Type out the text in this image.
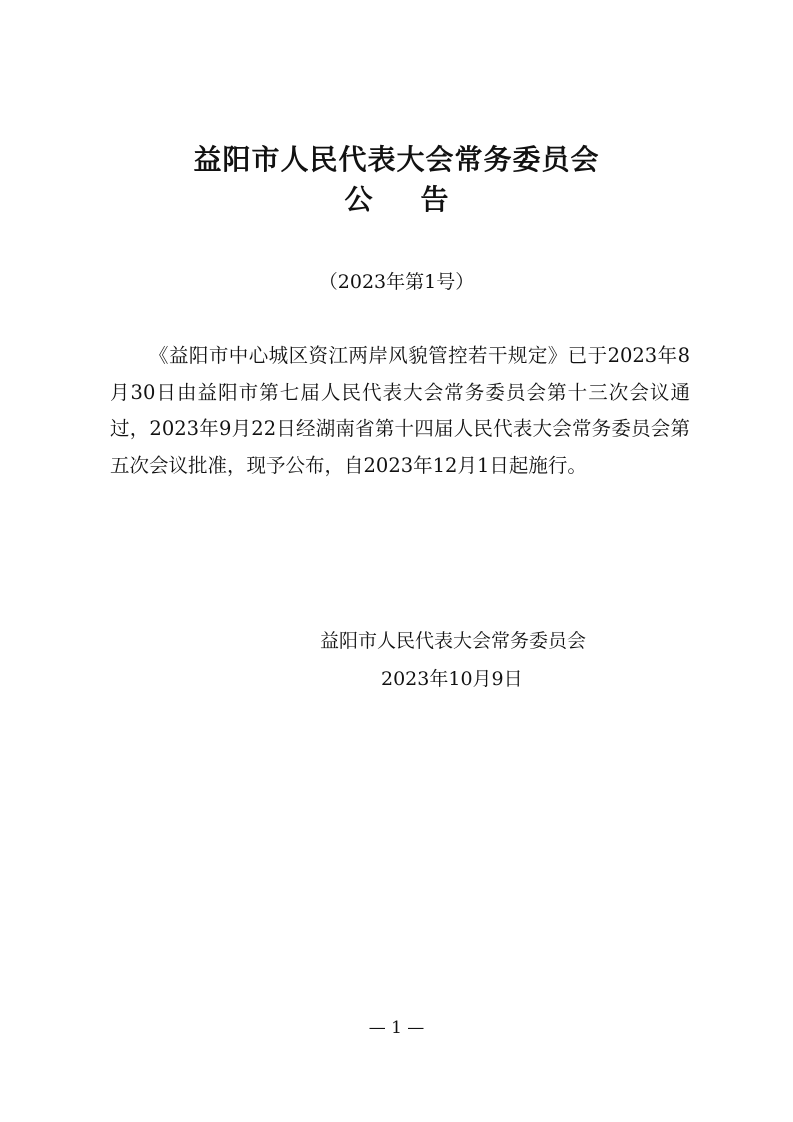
益阳市人民代表大会常务委员会
公 告
（2023年第1号）

《益阳市中心城区资江两岸风貌管控若干规定》已于2023年8月30日由益阳市第七届人民代表大会常务委员会第十三次会议通过，2023年9月22日经湖南省第十四届人民代表大会常务委员会第五次会议批准，现予公布，自2023年12月1日起施行。

益阳市人民代表大会常务委员会
2023年10月9日
— 1 —
